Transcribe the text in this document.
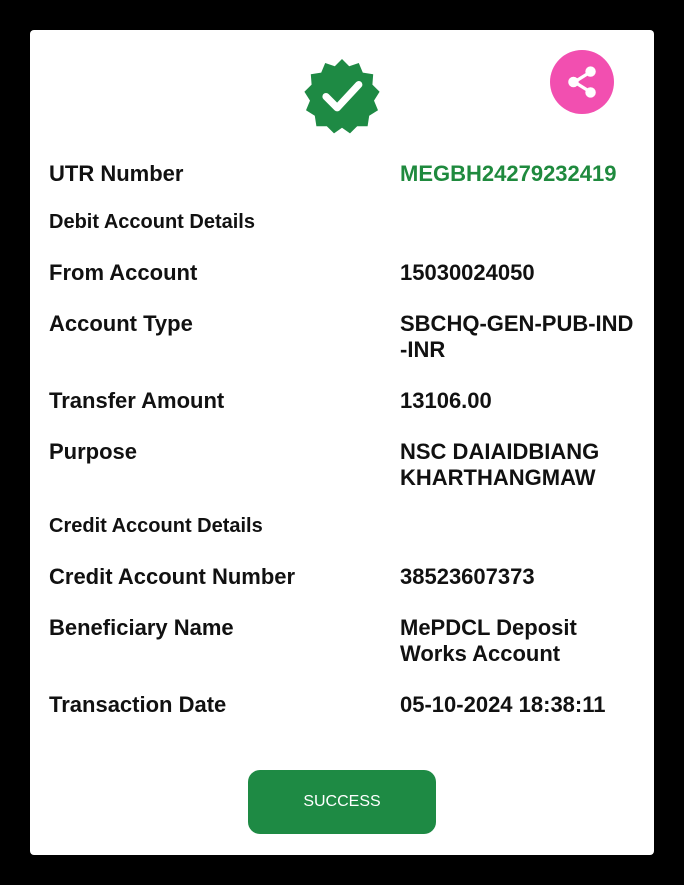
UTR Number	MEGBH24279232419
Debit Account Details
From Account	15030024050
Account Type	SBCHQ-GEN-PUB-IND-INR
Transfer Amount	13106.00
Purpose	NSC DAIAIDBIANG KHARTHANGMAW
Credit Account Details
Credit Account Number	38523607373
Beneficiary Name	MePDCL Deposit Works Account
Transaction Date	05-10-2024 18:38:11
SUCCESS
